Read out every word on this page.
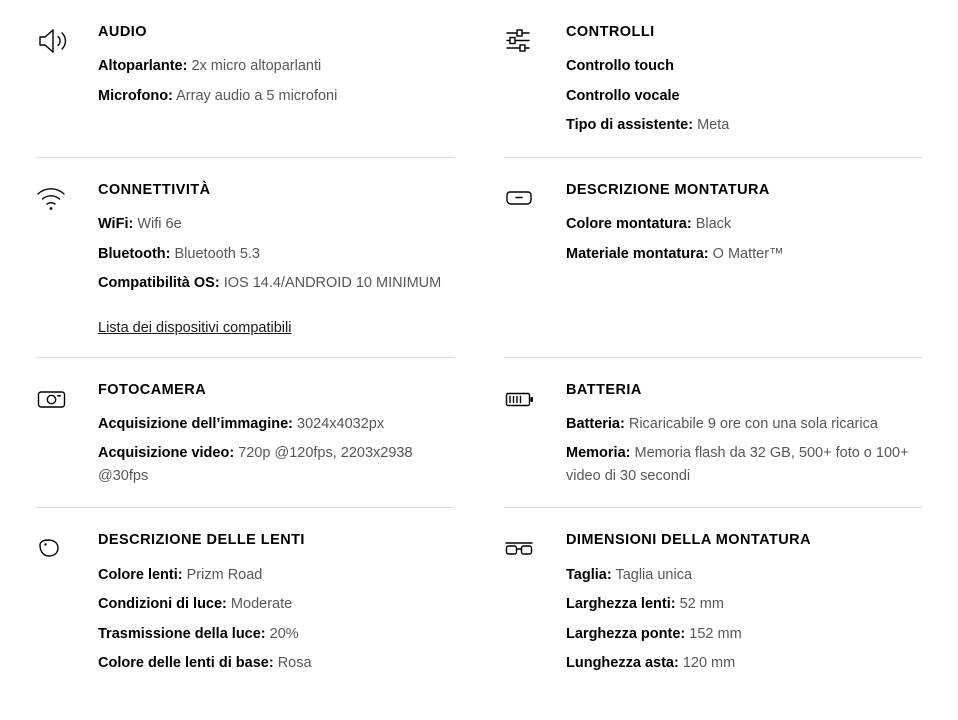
AUDIO

Altoparlante: 2x micro altoparlanti

Microfono: Array audio a 5 microfoni

CONTROLLI

Controllo touch

Controllo vocale

Tipo di assistente: Meta

CONNETTIVITÀ

WiFi: Wifi 6e

Bluetooth: Bluetooth 5.3

Compatibilità OS: IOS 14.4/ANDROID 10 MINIMUM

Lista dei dispositivi compatibili
DESCRIZIONE MONTATURA

Colore montatura: Black

Materiale montatura: O Matter™

FOTOCAMERA

Acquisizione dell’immagine: 3024x4032px

Acquisizione video: 720p @120fps, 2203x2938 @30fps

BATTERIA

Batteria: Ricaricabile 9 ore con una sola ricarica

Memoria: Memoria flash da 32 GB, 500+ foto o 100+ video di 30 secondi

DESCRIZIONE DELLE LENTI

Colore lenti: Prizm Road

Condizioni di luce: Moderate

Trasmissione della luce: 20%

Colore delle lenti di base: Rosa

DIMENSIONI DELLA MONTATURA

Taglia: Taglia unica

Larghezza lenti: 52 mm

Larghezza ponte: 152 mm

Lunghezza asta: 120 mm
